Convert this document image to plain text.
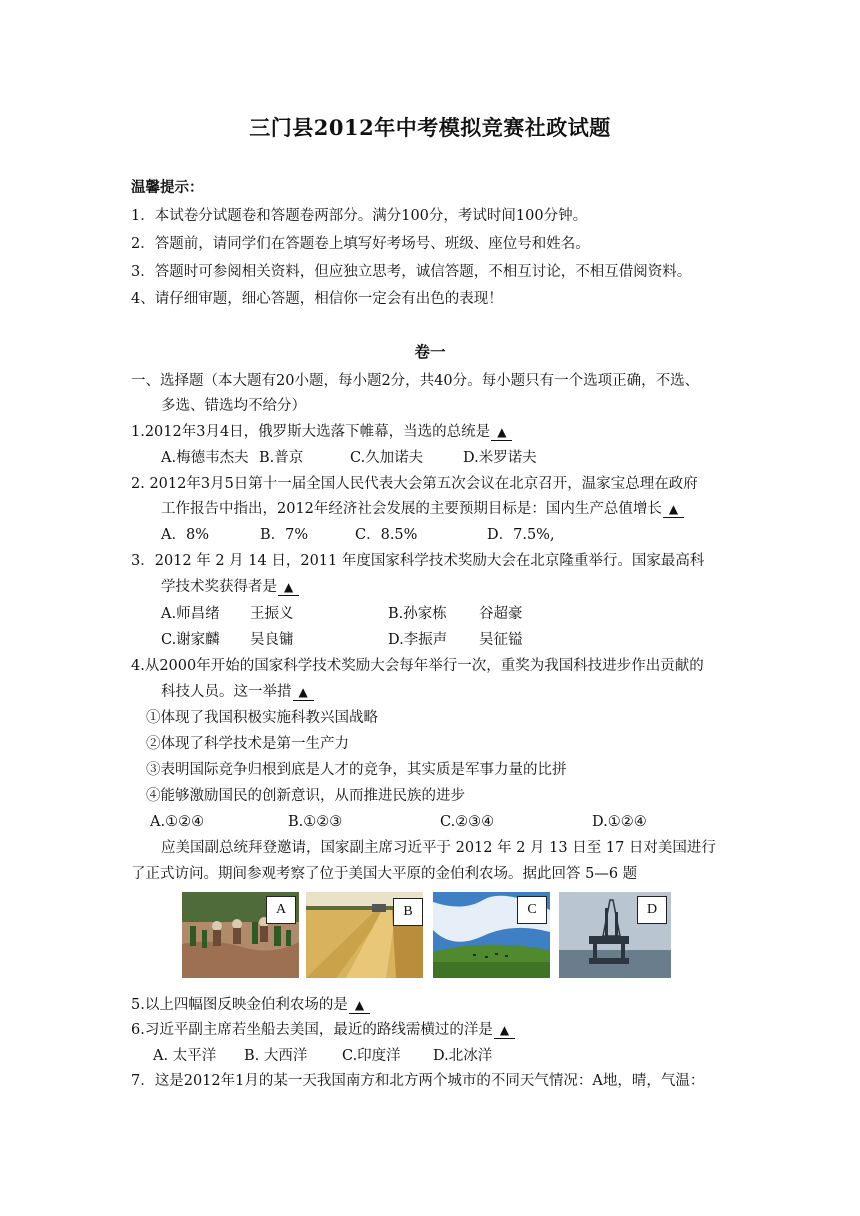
三门县2012年中考模拟竞赛社政试题
温馨提示：
1．本试卷分试题卷和答题卷两部分。满分100分，考试时间100分钟。
2．答题前，请同学们在答题卷上填写好考场号、班级、座位号和姓名。
3．答题时可参阅相关资料，但应独立思考，诚信答题，不相互讨论，不相互借阅资料。
4、请仔细审题，细心答题，相信你一定会有出色的表现！
卷一
一、选择题（本大题有20小题，每小题2分，共40分。每小题只有一个选项正确，不选、
多选、错选均不给分）
1.2012年3月4日，俄罗斯大选落下帷幕，当选的总统是 ▲
A.梅德韦杰夫 B.普京	C.久加诺夫	D.米罗诺夫
2. 2012年3月5日第十一届全国人民代表大会第五次会议在北京召开，温家宝总理在政府
工作报告中指出，2012年经济社会发展的主要预期目标是：国内生产总值增长 ▲
A．8%	B．7%	C．8.5%	D．7.5%,
3．2012 年 2 月 14 日，2011 年度国家科学技术奖励大会在北京隆重举行。国家最高科
学技术奖获得者是 ▲
A.师昌绪 王振义	B.孙家栋 谷超豪
C.谢家麟 吴良镛	D.李振声 吴征镒
4.从2000年开始的国家科学技术奖励大会每年举行一次，重奖为我国科技进步作出贡献的
科技人员。这一举措 ▲
①体现了我国积极实施科教兴国战略
②体现了科学技术是第一生产力
③表明国际竞争归根到底是人才的竞争，其实质是军事力量的比拼
④能够激励国民的创新意识，从而推进民族的进步
A.①②④	B.①②③	C.②③④	D.①②④
应美国副总统拜登邀请，国家副主席习近平于 2012 年 2 月 13 日至 17 日对美国进行
了正式访问。期间参观考察了位于美国大平原的金伯利农场。据此回答 5—6 题
A	B	C	D
5.以上四幅图反映金伯利农场的是 ▲
6.习近平副主席若坐船去美国，最近的路线需横过的洋是 ▲
A. 太平洋 B. 大西洋 C.印度洋 D.北冰洋
7．这是2012年1月的某一天我国南方和北方两个城市的不同天气情况：A地，晴，气温：
